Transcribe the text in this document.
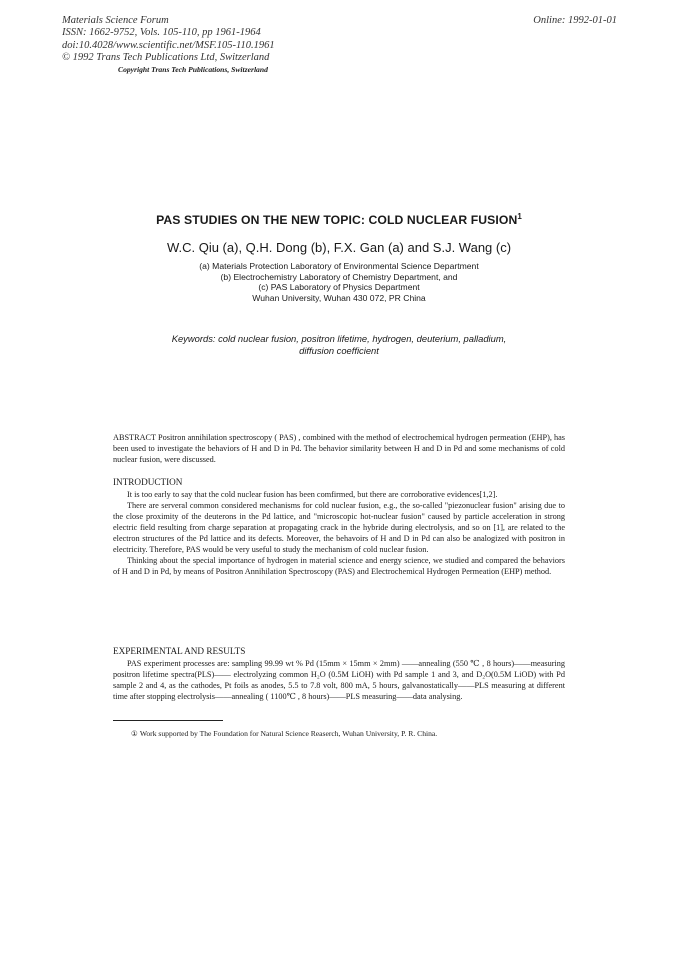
Materials Science Forum
ISSN: 1662-9752, Vols. 105-110, pp 1961-1964
doi:10.4028/www.scientific.net/MSF.105-110.1961
© 1992 Trans Tech Publications Ltd, Switzerland
Online: 1992-01-01
Copyright Trans Tech Publications, Switzerland
PAS STUDIES ON THE NEW TOPIC: COLD NUCLEAR FUSION$^1$
W.C. Qiu (a), Q.H. Dong (b), F.X. Gan (a) and S.J. Wang (c)
(a) Materials Protection Laboratory of Environmental Science Department
(b) Electrochemistry Laboratory of Chemistry Department, and
(c) PAS Laboratory of Physics Department
Wuhan University, Wuhan 430 072, PR China
Keywords: cold nuclear fusion, positron lifetime, hydrogen, deuterium, palladium,
diffusion coefficient

ABSTRACT Positron annihilation spectroscopy ( PAS) , combined with the method of electrochemical hydrogen permeation (EHP), has been used to investigate the behaviors of H and D in Pd. The behavior similarity between H and D in Pd and some mechanisms of cold nuclear fusion, were discussed.

INTRODUCTION

It is too early to say that the cold nuclear fusion has been comfirmed, but there are corroborative evidences[1,2].

There are serveral common considered mechanisms for cold nuclear fusion, e.g., the so-called "piezonuclear fusion" arising due to the close proximity of the deuterons in the Pd lattice, and "microscopic hot-nuclear fusion" caused by particle acceleration in strong electric field resulting from charge separation at propagating crack in the hybride during electrolysis, and so on [1], are related to the electron structures of the Pd lattice and its defects. Moreover, the behavoirs of H and D in Pd can also be analogized with positron in electricity. Therefore, PAS would be very useful to study the mechanism of cold nuclear fusion.

Thinking about the special importance of hydrogen in material science and energy science, we studied and compared the behaviors of H and D in Pd, by means of Positron Annihilation Spectroscopy (PAS) and Electrochemical Hydrogen Permeation (EHP) method.

EXPERIMENTAL AND RESULTS

PAS experiment processes are: sampling 99.99 wt % Pd (15mm × 15mm × 2mm) ——annealing (550 ℃ , 8 hours)——measuring positron lifetime spectra(PLS)—— electrolyzing common H₂O (0.5M LiOH) with Pd sample 1 and 3, and D₂O(0.5M LiOD) with Pd sample 2 and 4, as the cathodes, Pt foils as anodes, 5.5 to 7.8 volt, 800 mA, 5 hours, galvanostatically——PLS measuring at different time after stopping electrolysis——annealing ( 1100℃ , 8 hours)——PLS measuring——data analysing.

① Work supported by The Foundation for Natural Science Reaserch, Wuhan University, P. R. China.
